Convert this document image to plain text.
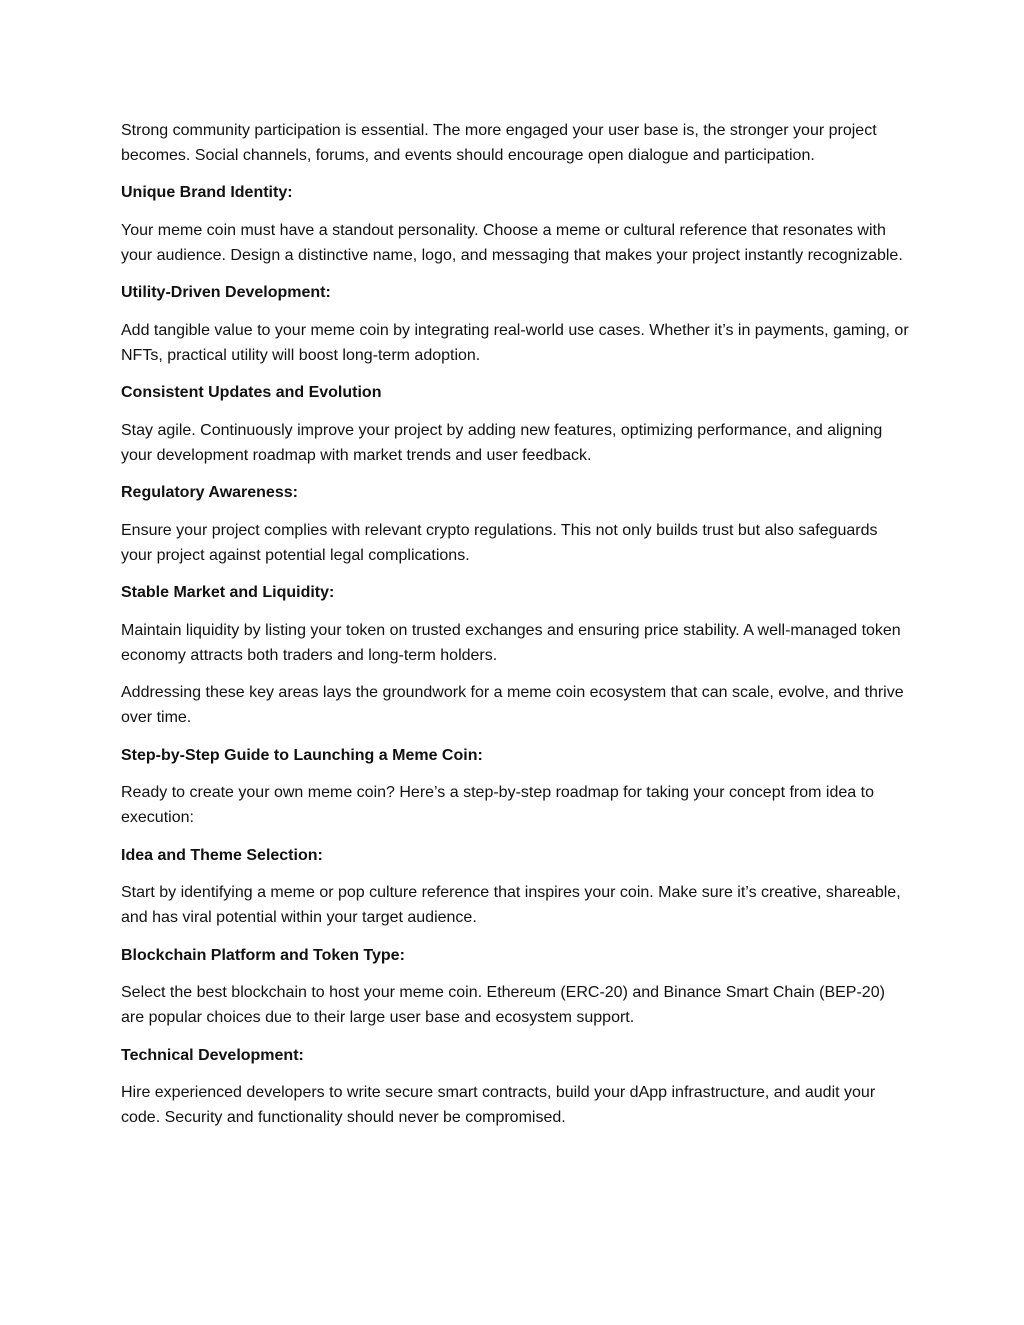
Strong community participation is essential. The more engaged your user base is, the stronger your project becomes. Social channels, forums, and events should encourage open dialogue and participation.

Unique Brand Identity:

Your meme coin must have a standout personality. Choose a meme or cultural reference that resonates with your audience. Design a distinctive name, logo, and messaging that makes your project instantly recognizable.

Utility-Driven Development:

Add tangible value to your meme coin by integrating real-world use cases. Whether it’s in payments, gaming, or NFTs, practical utility will boost long-term adoption.

Consistent Updates and Evolution

Stay agile. Continuously improve your project by adding new features, optimizing performance, and aligning your development roadmap with market trends and user feedback.

Regulatory Awareness:

Ensure your project complies with relevant crypto regulations. This not only builds trust but also safeguards your project against potential legal complications.

Stable Market and Liquidity:

Maintain liquidity by listing your token on trusted exchanges and ensuring price stability. A well-managed token economy attracts both traders and long-term holders.

Addressing these key areas lays the groundwork for a meme coin ecosystem that can scale, evolve, and thrive over time.

Step-by-Step Guide to Launching a Meme Coin:

Ready to create your own meme coin? Here’s a step-by-step roadmap for taking your concept from idea to execution:

Idea and Theme Selection:

Start by identifying a meme or pop culture reference that inspires your coin. Make sure it’s creative, shareable, and has viral potential within your target audience.

Blockchain Platform and Token Type:

Select the best blockchain to host your meme coin. Ethereum (ERC-20) and Binance Smart Chain (BEP-20) are popular choices due to their large user base and ecosystem support.

Technical Development:

Hire experienced developers to write secure smart contracts, build your dApp infrastructure, and audit your code. Security and functionality should never be compromised.
